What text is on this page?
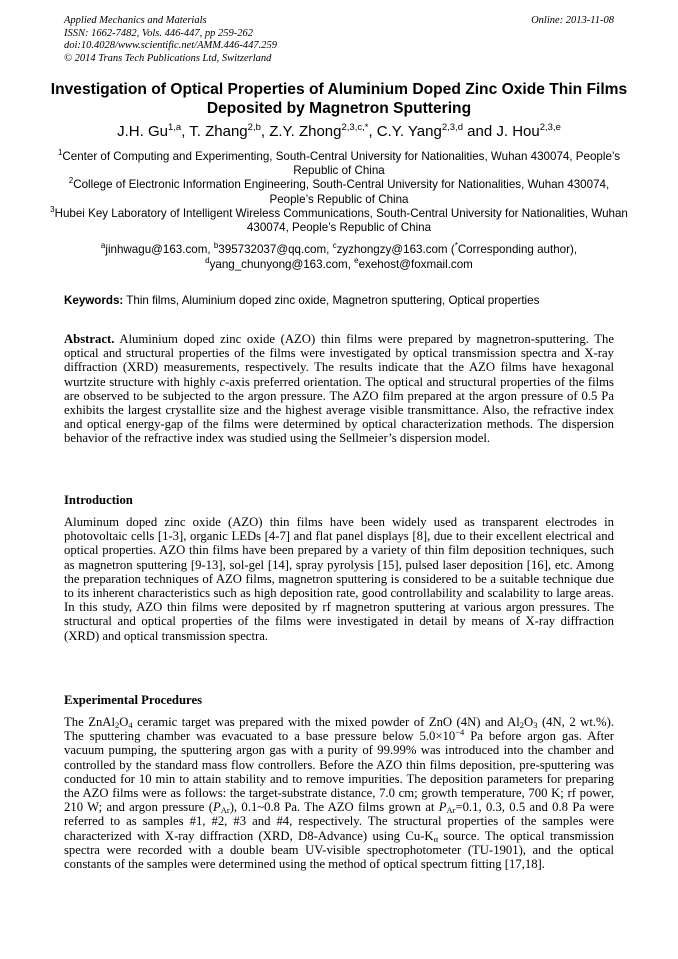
Applied Mechanics and Materials
ISSN: 1662-7482, Vols. 446-447, pp 259-262
doi:10.4028/www.scientific.net/AMM.446-447.259
© 2014 Trans Tech Publications Ltd, Switzerland
Online: 2013-11-08
Investigation of Optical Properties of Aluminium Doped Zinc Oxide Thin Films Deposited by Magnetron Sputtering
J.H. Gu$^{1,a}$, T. Zhang$^{2,b}$, Z.Y. Zhong$^{2,3,c,*}$, C.Y. Yang$^{2,3,d}$ and J. Hou$^{2,3,e}$
$^1$Center of Computing and Experimenting, South-Central University for Nationalities, Wuhan 430074, People’s Republic of China
$^2$College of Electronic Information Engineering, South-Central University for Nationalities, Wuhan 430074, People’s Republic of China
$^3$Hubei Key Laboratory of Intelligent Wireless Communications, South-Central University for Nationalities, Wuhan 430074, People’s Republic of China
$^a$jinhwagu@163.com, $^b$395732037@qq.com, $^c$zyzhongzy@163.com (*Corresponding author),
$^d$yang_chunyong@163.com, $^e$exehost@foxmail.com
Keywords: Thin films, Aluminium doped zinc oxide, Magnetron sputtering, Optical properties
Abstract. Aluminium doped zinc oxide (AZO) thin films were prepared by magnetron-sputtering. The optical and structural properties of the films were investigated by optical transmission spectra and X-ray diffraction (XRD) measurements, respectively. The results indicate that the AZO films have hexagonal wurtzite structure with highly c-axis preferred orientation. The optical and structural properties of the films are observed to be subjected to the argon pressure. The AZO film prepared at the argon pressure of 0.5 Pa exhibits the largest crystallite size and the highest average visible transmittance. Also, the refractive index and optical energy-gap of the films were determined by optical characterization methods. The dispersion behavior of the refractive index was studied using the Sellmeier’s dispersion model.
Introduction
Aluminum doped zinc oxide (AZO) thin films have been widely used as transparent electrodes in photovoltaic cells [1-3], organic LEDs [4-7] and flat panel displays [8], due to their excellent electrical and optical properties. AZO thin films have been prepared by a variety of thin film deposition techniques, such as magnetron sputtering [9-13], sol-gel [14], spray pyrolysis [15], pulsed laser deposition [16], etc. Among the preparation techniques of AZO films, magnetron sputtering is considered to be a suitable technique due to its inherent characteristics such as high deposition rate, good controllability and scalability to large areas. In this study, AZO thin films were deposited by rf magnetron sputtering at various argon pressures. The structural and optical properties of the films were investigated in detail by means of X-ray diffraction (XRD) and optical transmission spectra.
Experimental Procedures
The $ZnAl_2O_4$ ceramic target was prepared with the mixed powder of ZnO (4N) and $Al_2O_3$ (4N, 2 wt.%). The sputtering chamber was evacuated to a base pressure below $5.0\times 10^{-4}$ Pa before argon gas. After vacuum pumping, the sputtering argon gas with a purity of 99.99% was introduced into the chamber and controlled by the standard mass flow controllers. Before the AZO thin films deposition, pre-sputtering was conducted for 10 min to attain stability and to remove impurities. The deposition parameters for preparing the AZO films were as follows: the target-substrate distance, 7.0 cm; growth temperature, 700 K; rf power, 210 W; and argon pressure $(P_{Ar})$, 0.1~0.8 Pa. The AZO films grown at $P_{Ar}=0.1$, 0.3, 0.5 and 0.8 Pa were referred to as samples #1, #2, #3 and #4, respectively. The structural properties of the samples were characterized with X-ray diffraction (XRD, D8-Advance) using $Cu-K_\alpha$ source. The optical transmission spectra were recorded with a double beam UV-visible spectrophotometer (TU-1901), and the optical constants of the samples were determined using the method of optical spectrum fitting [17,18].
